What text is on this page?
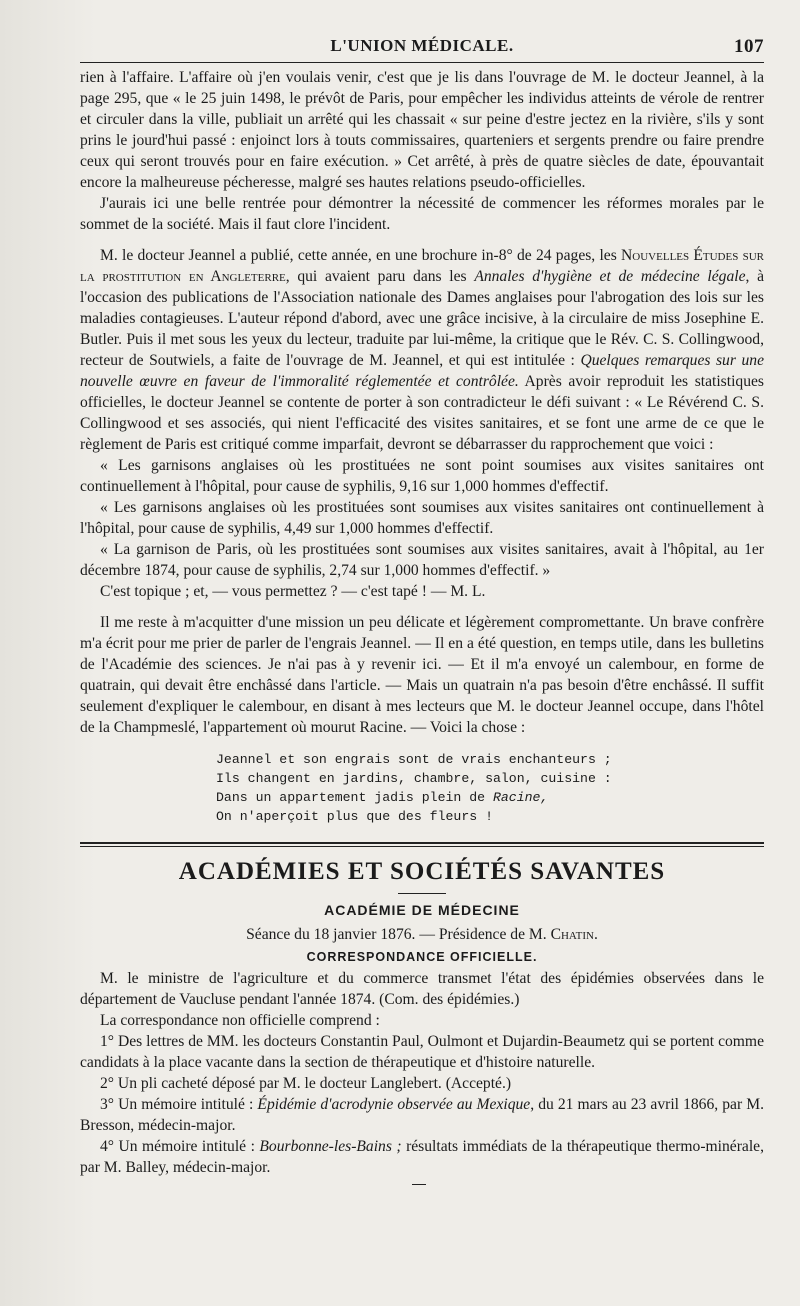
L'UNION MÉDICALE.	107

rien à l'affaire. L'affaire où j'en voulais venir, c'est que je lis dans l'ouvrage de M. le docteur Jeannel, à la page 295, que « le 25 juin 1498, le prévôt de Paris, pour empêcher les individus atteints de vérole de rentrer et circuler dans la ville, publiait un arrêté qui les chassait « sur peine d'estre jectez en la rivière, s'ils y sont prins le jourd'hui passé : enjoinct lors à touts commissaires, quarteniers et sergents prendre ou faire prendre ceux qui seront trouvés pour en faire exécution. » Cet arrêté, à près de quatre siècles de date, épouvantait encore la malheureuse pécheresse, malgré ses hautes relations pseudo-officielles.

J'aurais ici une belle rentrée pour démontrer la nécessité de commencer les réformes morales par le sommet de la société. Mais il faut clore l'incident.

M. le docteur Jeannel a publié, cette année, en une brochure in-8° de 24 pages, les Nouvelles Études sur la prostitution en Angleterre, qui avaient paru dans les Annales d'hygiène et de médecine légale, à l'occasion des publications de l'Association nationale des Dames anglaises pour l'abrogation des lois sur les maladies contagieuses. L'auteur répond d'abord, avec une grâce incisive, à la circulaire de miss Josephine E. Butler. Puis il met sous les yeux du lecteur, traduite par lui-même, la critique que le Rév. C. S. Collingwood, recteur de Soutwiels, a faite de l'ouvrage de M. Jeannel, et qui est intitulée : Quelques remarques sur une nouvelle œuvre en faveur de l'immoralité réglementée et contrôlée. Après avoir reproduit les statistiques officielles, le docteur Jeannel se contente de porter à son contradicteur le défi suivant : « Le Révérend C. S. Collingwood et ses associés, qui nient l'efficacité des visites sanitaires, et se font une arme de ce que le règlement de Paris est critiqué comme imparfait, devront se débarrasser du rapprochement que voici :

« Les garnisons anglaises où les prostituées ne sont point soumises aux visites sanitaires ont continuellement à l'hôpital, pour cause de syphilis, 9,16 sur 1,000 hommes d'effectif.

« Les garnisons anglaises où les prostituées sont soumises aux visites sanitaires ont continuellement à l'hôpital, pour cause de syphilis, 4,49 sur 1,000 hommes d'effectif.

« La garnison de Paris, où les prostituées sont soumises aux visites sanitaires, avait à l'hôpital, au 1er décembre 1874, pour cause de syphilis, 2,74 sur 1,000 hommes d'effectif. »

C'est topique ; et, — vous permettez ? — c'est tapé ! — M. L.

Il me reste à m'acquitter d'une mission un peu délicate et légèrement compromettante. Un brave confrère m'a écrit pour me prier de parler de l'engrais Jeannel. — Il en a été question, en temps utile, dans les bulletins de l'Académie des sciences. Je n'ai pas à y revenir ici. — Et il m'a envoyé un calembour, en forme de quatrain, qui devait être enchâssé dans l'article. — Mais un quatrain n'a pas besoin d'être enchâssé. Il suffit seulement d'expliquer le calembour, en disant à mes lecteurs que M. le docteur Jeannel occupe, dans l'hôtel de la Champmeslé, l'appartement où mourut Racine. — Voici la chose :

Jeannel et son engrais sont de vrais enchanteurs ;
Ils changent en jardins, chambre, salon, cuisine :
Dans un appartement jadis plein de Racine,
On n'aperçoit plus que des fleurs !
ACADÉMIES ET SOCIÉTÉS SAVANTES
ACADÉMIE DE MÉDECINE
Séance du 18 janvier 1876. — Présidence de M. Chatin.
CORRESPONDANCE OFFICIELLE.

M. le ministre de l'agriculture et du commerce transmet l'état des épidémies observées dans le département de Vaucluse pendant l'année 1874. (Com. des épidémies.)

La correspondance non officielle comprend :

1° Des lettres de MM. les docteurs Constantin Paul, Oulmont et Dujardin-Beaumetz qui se portent comme candidats à la place vacante dans la section de thérapeutique et d'histoire naturelle.

2° Un pli cacheté déposé par M. le docteur Langlebert. (Accepté.)

3° Un mémoire intitulé : Épidémie d'acrodynie observée au Mexique, du 21 mars au 23 avril 1866, par M. Bresson, médecin-major.

4° Un mémoire intitulé : Bourbonne-les-Bains ; résultats immédiats de la thérapeutique thermo-minérale, par M. Balley, médecin-major.
